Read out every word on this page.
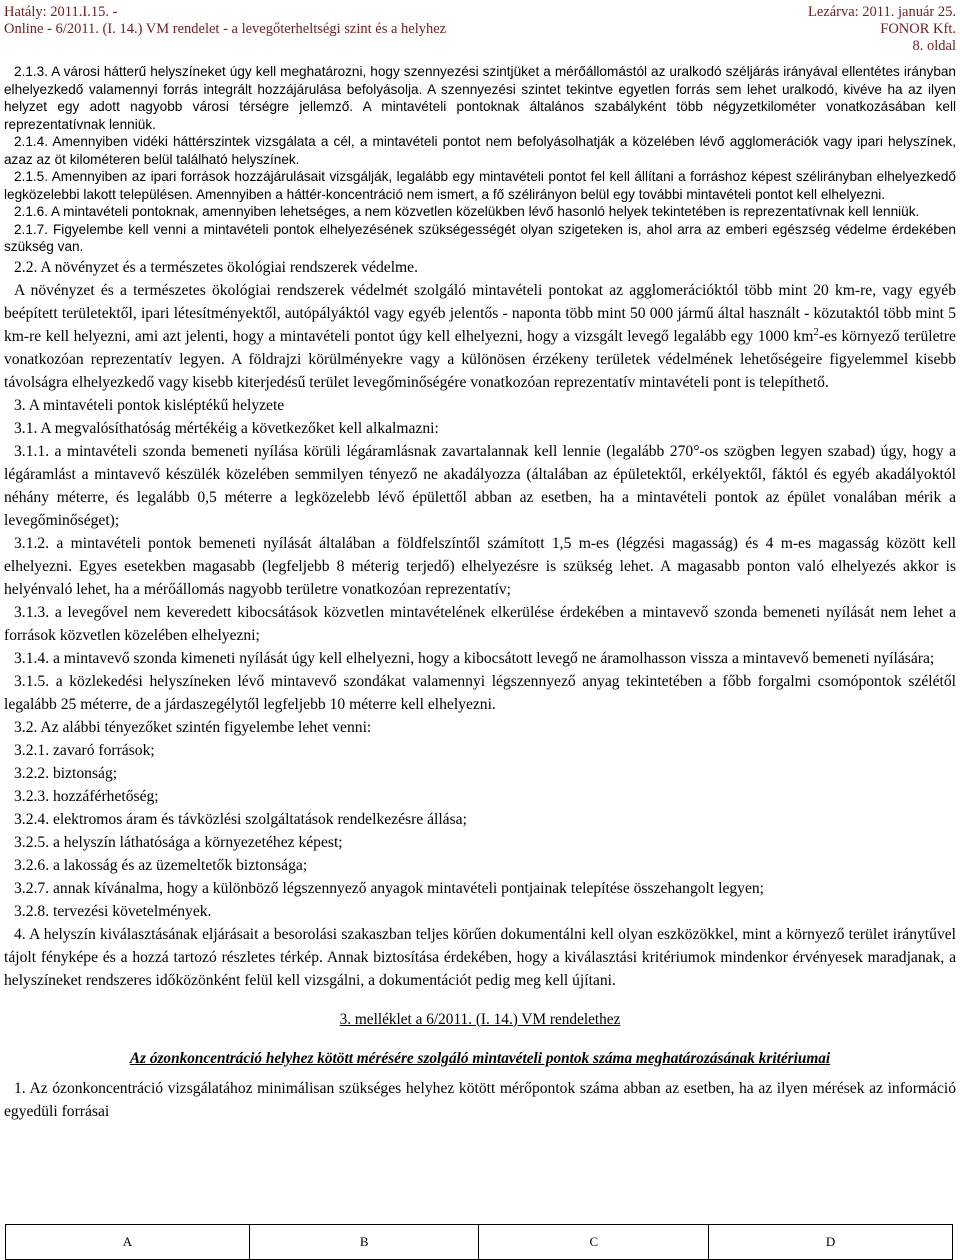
Hatály: 2011.I.15. -
Online - 6/2011. (I. 14.) VM rendelet - a levegőterheltségi szint és a helyhez
Lezárva: 2011. január 25.
FONOR Kft.
8. oldal

2.1.3. A városi hátterű helyszíneket úgy kell meghatározni, hogy szennyezési szintjüket a mérőállomástól az uralkodó széljárás irányával ellentétes irányban elhelyezkedő valamennyi forrás integrált hozzájárulása befolyásolja. A szennyezési szintet tekintve egyetlen forrás sem lehet uralkodó, kivéve ha az ilyen helyzet egy adott nagyobb városi térségre jellemző. A mintavételi pontoknak általános szabályként több négyzetkilométer vonatkozásában kell reprezentatívnak lenniük.

2.1.4. Amennyiben vidéki háttérszintek vizsgálata a cél, a mintavételi pontot nem befolyásolhatják a közelében lévő agglomerációk vagy ipari helyszínek, azaz az öt kilométeren belül található helyszínek.

2.1.5. Amennyiben az ipari források hozzájárulásait vizsgálják, legalább egy mintavételi pontot fel kell állítani a forráshoz képest szélirányban elhelyezkedő legközelebbi lakott településen. Amennyiben a háttér-koncentráció nem ismert, a fő szélirányon belül egy további mintavételi pontot kell elhelyezni.

2.1.6. A mintavételi pontoknak, amennyiben lehetséges, a nem közvetlen közelükben lévő hasonló helyek tekintetében is reprezentatívnak kell lenniük.

2.1.7. Figyelembe kell venni a mintavételi pontok elhelyezésének szükségességét olyan szigeteken is, ahol arra az emberi egészség védelme érdekében szükség van.

2.2. A növényzet és a természetes ökológiai rendszerek védelme.

A növényzet és a természetes ökológiai rendszerek védelmét szolgáló mintavételi pontokat az agglomerációktól több mint 20 km-re, vagy egyéb beépített területektől, ipari létesítményektől, autópályáktól vagy egyéb jelentős - naponta több mint 50 000 jármű által használt - közutaktól több mint 5 km-re kell helyezni, ami azt jelenti, hogy a mintavételi pontot úgy kell elhelyezni, hogy a vizsgált levegő legalább egy 1000 $km^2-es$ környező területre vonatkozóan reprezentatív legyen. A földrajzi körülményekre vagy a különösen érzékeny területek védelmének lehetőségeire figyelemmel kisebb távolságra elhelyezkedő vagy kisebb kiterjedésű terület levegőminőségére vonatkozóan reprezentatív mintavételi pont is telepíthető.

3. A mintavételi pontok kisléptékű helyzete

3.1. A megvalósíthatóság mértékéig a következőket kell alkalmazni:

3.1.1. a mintavételi szonda bemeneti nyílása körüli légáramlásnak zavartalannak kell lennie (legalább 270°-os szögben legyen szabad) úgy, hogy a légáramlást a mintavevő készülék közelében semmilyen tényező ne akadályozza (általában az épületektől, erkélyektől, fáktól és egyéb akadályoktól néhány méterre, és legalább 0,5 méterre a legközelebb lévő épülettől abban az esetben, ha a mintavételi pontok az épület vonalában mérik a levegőminőséget);

3.1.2. a mintavételi pontok bemeneti nyílását általában a földfelszíntől számított 1,5 m-es (légzési magasság) és 4 m-es magasság között kell elhelyezni. Egyes esetekben magasabb (legfeljebb 8 méterig terjedő) elhelyezésre is szükség lehet. A magasabb ponton való elhelyezés akkor is helyénvaló lehet, ha a mérőállomás nagyobb területre vonatkozóan reprezentatív;

3.1.3. a levegővel nem keveredett kibocsátások közvetlen mintavételének elkerülése érdekében a mintavevő szonda bemeneti nyílását nem lehet a források közvetlen közelében elhelyezni;

3.1.4. a mintavevő szonda kimeneti nyílását úgy kell elhelyezni, hogy a kibocsátott levegő ne áramolhasson vissza a mintavevő bemeneti nyílására;

3.1.5. a közlekedési helyszíneken lévő mintavevő szondákat valamennyi légszennyező anyag tekintetében a főbb forgalmi csomópontok szélétől legalább 25 méterre, de a járdaszegélytől legfeljebb 10 méterre kell elhelyezni.

3.2. Az alábbi tényezőket szintén figyelembe lehet venni:

3.2.1. zavaró források;

3.2.2. biztonság;

3.2.3. hozzáférhetőség;

3.2.4. elektromos áram és távközlési szolgáltatások rendelkezésre állása;

3.2.5. a helyszín láthatósága a környezetéhez képest;

3.2.6. a lakosság és az üzemeltetők biztonsága;

3.2.7. annak kívánalma, hogy a különböző légszennyező anyagok mintavételi pontjainak telepítése összehangolt legyen;

3.2.8. tervezési követelmények.

4. A helyszín kiválasztásának eljárásait a besorolási szakaszban teljes körűen dokumentálni kell olyan eszközökkel, mint a környező terület iránytűvel tájolt fényképe és a hozzá tartozó részletes térkép. Annak biztosítása érdekében, hogy a kiválasztási kritériumok mindenkor érvényesek maradjanak, a helyszíneket rendszeres időközönként felül kell vizsgálni, a dokumentációt pedig meg kell újítani.

3. melléklet a 6/2011. (I. 14.) VM rendelethez

Az ózonkoncentráció helyhez kötött mérésére szolgáló mintavételi pontok száma meghatározásának kritériumai

1. Az ózonkoncentráció vizsgálatához minimálisan szükséges helyhez kötött mérőpontok száma abban az esetben, ha az ilyen mérések az információ egyedüli forrásai

A	B	C	D
